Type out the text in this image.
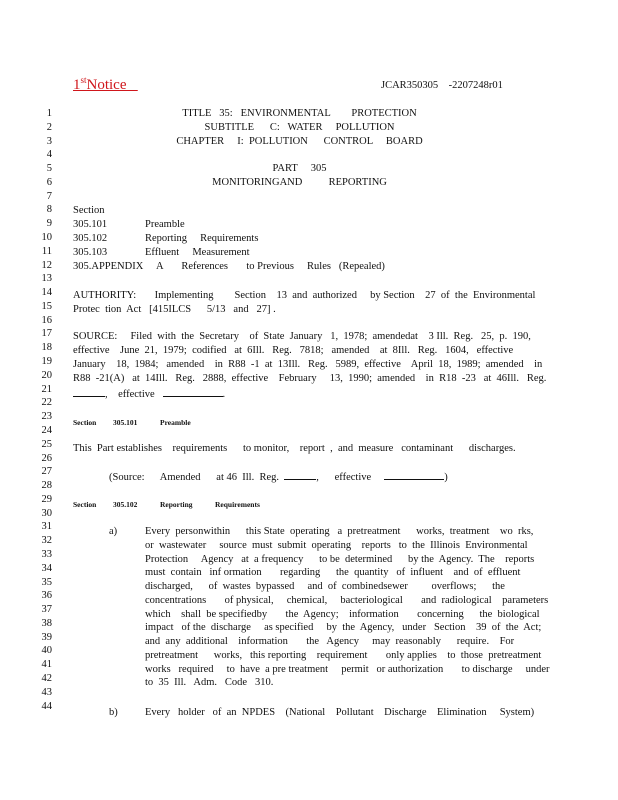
1stNotice	JCAR350305    -2207248r01
1
2
3
4
5
6
7
8
9
10
11
12
13
14
15
16
17
18
19
20
21
22
23
24
25
26
27
28
29
30
31
32
33
34
35
36
37
38
39
40
41
42
43
44
TITLE   35:   ENVIRONMENTAL        PROTECTION
SUBTITLE      C:   WATER     POLLUTION
CHAPTER     I:  POLLUTION      CONTROL     BOARD
PART     305
MONITORINGAND          REPORTING
Section
305.101	Preamble
305.102	Reporting     Requirements
305.103	Effluent     Measurement
305.APPENDIX A       References       to Previous     Rules   (Repealed)
AUTHORITY:       Implementing        Section    13  and  authorized     by Section    27  of  the  Environmental
Protec  tion  Act   [415ILCS      5/13   and   27] .
SOURCE:     Filed  with  the  Secretary    of  State  January   1,  1978;  amendedat    3 Ill.  Reg.   25,  p.  190,
effective    June  21,  1979;  codified   at  6Ill.   Reg.   7818;   amended    at  8Ill.   Reg.   1604,   effective
January    18,  1984;   amended    in  R88  -1  at  13Ill.   Reg.   5989,  effective    April  18,  1989;  amended    in
R88  -21(A)   at  14Ill.   Reg.   2888,  effective    February     13,  1990;  amended    in  R18  -23   at  46Ill.   Reg.
,    effective	.
Section 305.101	Preamble
This  Part establishes    requirements      to monitor,    report  ,  and  measure   contaminant      discharges.
(Source:      Amended      at 46  Ill.  Reg.	,      effective	)
Section 305.102	Reporting	Requirements
a)	Every  personwithin      this State  operating   a  pretreatment      works,  treatment    wo  rks,
or  wastewater     source  must  submit  operating    reports   to  the  Illinois  Environmental
Protection     Agency   at  a frequency      to be  determined      by the  Agency.  The    reports
must  contain   inf ormation       regarding      the  quantity   of  influent    and  of  effluent
discharged,      of  wastes  bypassed     and  of  combinedsewer         overflows;      the
concentrations       of physical,     chemical,     bacteriological       and  radiological    parameters
which    shall  be specifiedby       the  Agency;    information       concerning      the  biological
impact   of the  discharge     as specified     by  the  Agency,   under   Section    39  of  the  Act;
and  any  additional    information       the   Agency     may  reasonably      require.    For
pretreatment      works,   this reporting    requirement       only applies    to  those  pretreatment
works   required     to  have  a pre treatment     permit   or authorization       to discharge     under
to  35  Ill.   Adm.   Code   310.
b)	Every   holder   of  an  NPDES    (National    Pollutant    Discharge    Elimination     System)
